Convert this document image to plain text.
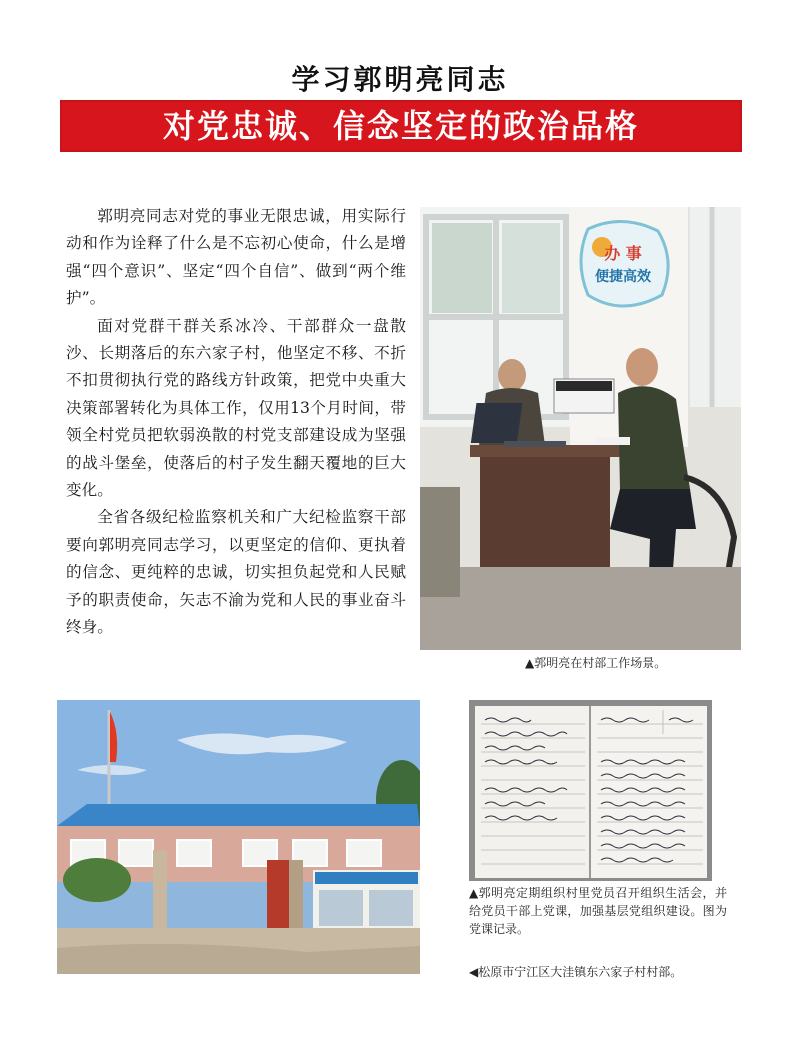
学习郭明亮同志
对党忠诚、信念坚定的政治品格

郭明亮同志对党的事业无限忠诚，用实际行动和作为诠释了什么是不忘初心使命，什么是增强“四个意识”、坚定“四个自信”、做到“两个维护”。

面对党群干群关系冰冷、干部群众一盘散沙、长期落后的东六家子村，他坚定不移、不折不扣贯彻执行党的路线方针政策，把党中央重大决策部署转化为具体工作，仅用13个月时间，带领全村党员把软弱涣散的村党支部建设成为坚强的战斗堡垒，使落后的村子发生翻天覆地的巨大变化。

全省各级纪检监察机关和广大纪检监察干部要向郭明亮同志学习，以更坚定的信仰、更执着的信念、更纯粹的忠诚，切实担负起党和人民赋予的职责使命，矢志不渝为党和人民的事业奋斗终身。

办 事
便捷高效
▲郭明亮在村部工作场景。
▲郭明亮定期组织村里党员召开组织生活会，并给党员干部上党课，加强基层党组织建设。图为党课记录。
◀松原市宁江区大洼镇东六家子村村部。
